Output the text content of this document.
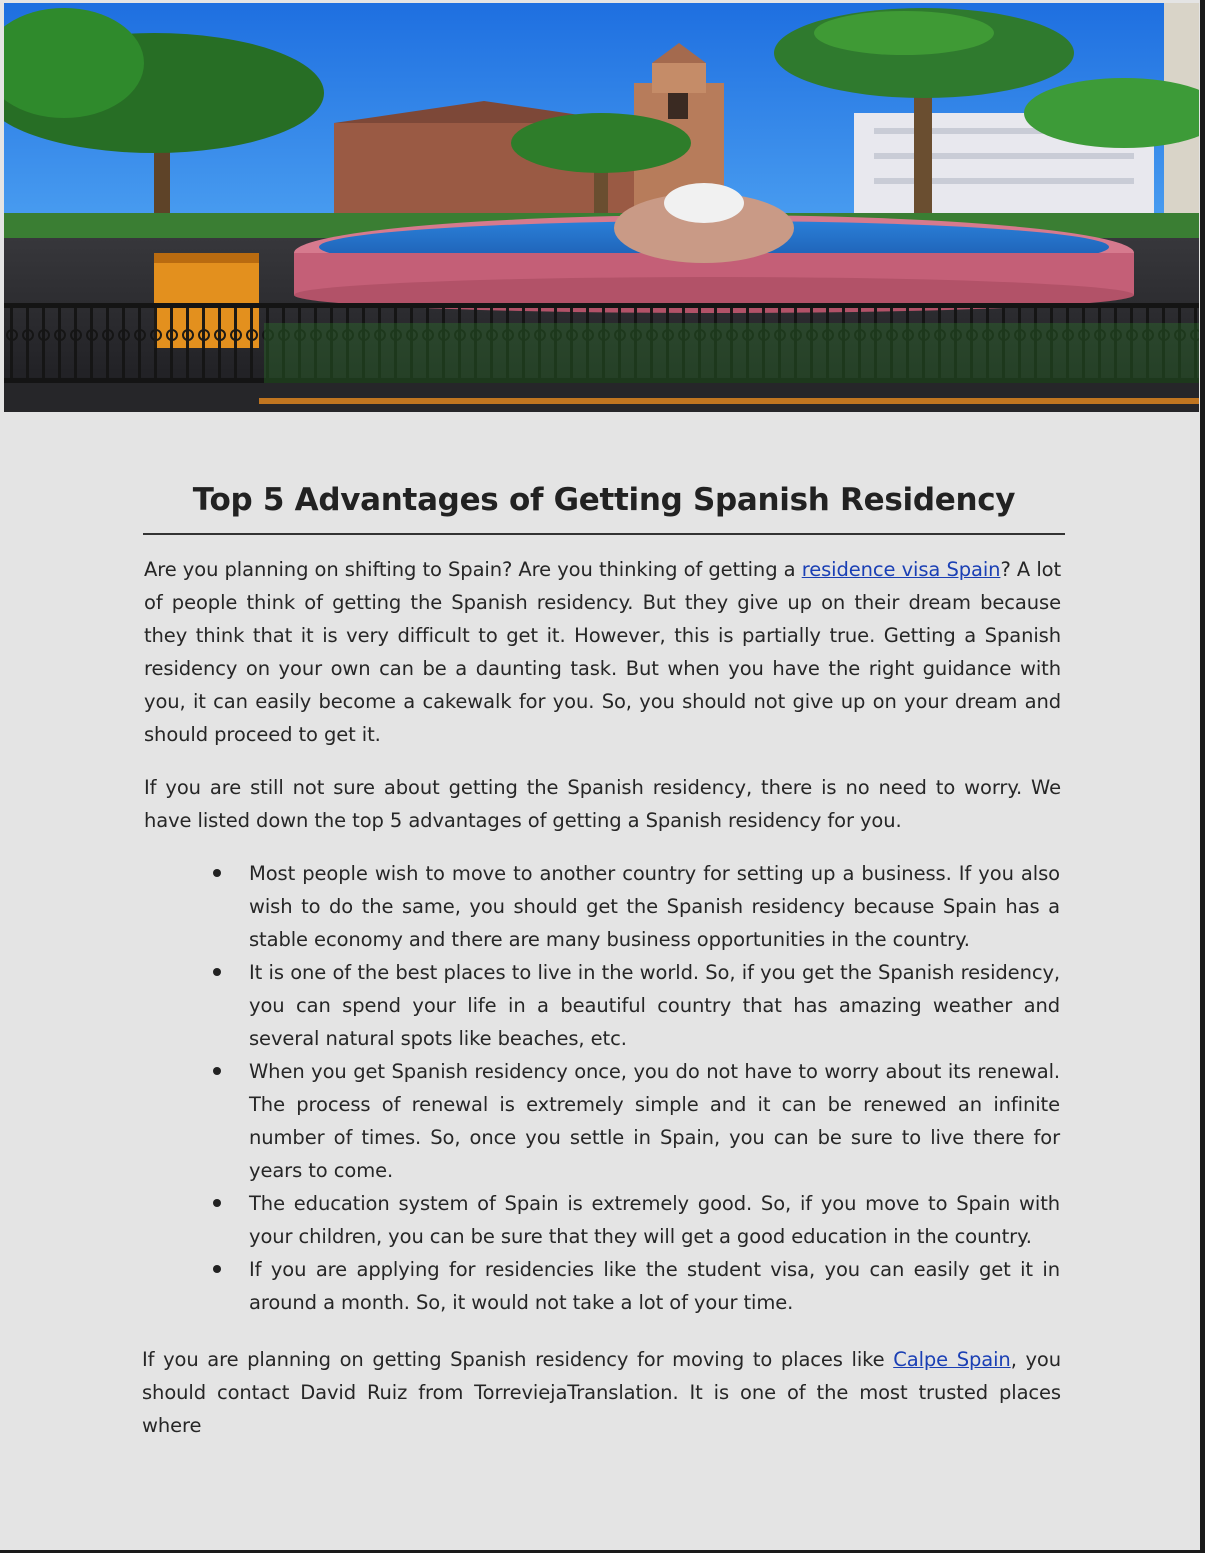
Top 5 Advantages of Getting Spanish Residency

Are you planning on shifting to Spain? Are you thinking of getting a residence visa Spain? A lot of people think of getting the Spanish residency. But they give up on their dream because they think that it is very difficult to get it. However, this is partially true. Getting a Spanish residency on your own can be a daunting task. But when you have the right guidance with you, it can easily become a cakewalk for you. So, you should not give up on your dream and should proceed to get it.

If you are still not sure about getting the Spanish residency, there is no need to worry. We have listed down the top 5 advantages of getting a Spanish residency for you.

Most people wish to move to another country for setting up a business. If you also wish to do the same, you should get the Spanish residency because Spain has a stable economy and there are many business opportunities in the country.
It is one of the best places to live in the world. So, if you get the Spanish residency, you can spend your life in a beautiful country that has amazing weather and several natural spots like beaches, etc.
When you get Spanish residency once, you do not have to worry about its renewal. The process of renewal is extremely simple and it can be renewed an infinite number of times. So, once you settle in Spain, you can be sure to live there for years to come.
The education system of Spain is extremely good. So, if you move to Spain with your children, you can be sure that they will get a good education in the country.
If you are applying for residencies like the student visa, you can easily get it in around a month. So, it would not take a lot of your time.

If you are planning on getting Spanish residency for moving to places like Calpe Spain, you should contact David Ruiz from TorreviejaTranslation. It is one of the most trusted places where
